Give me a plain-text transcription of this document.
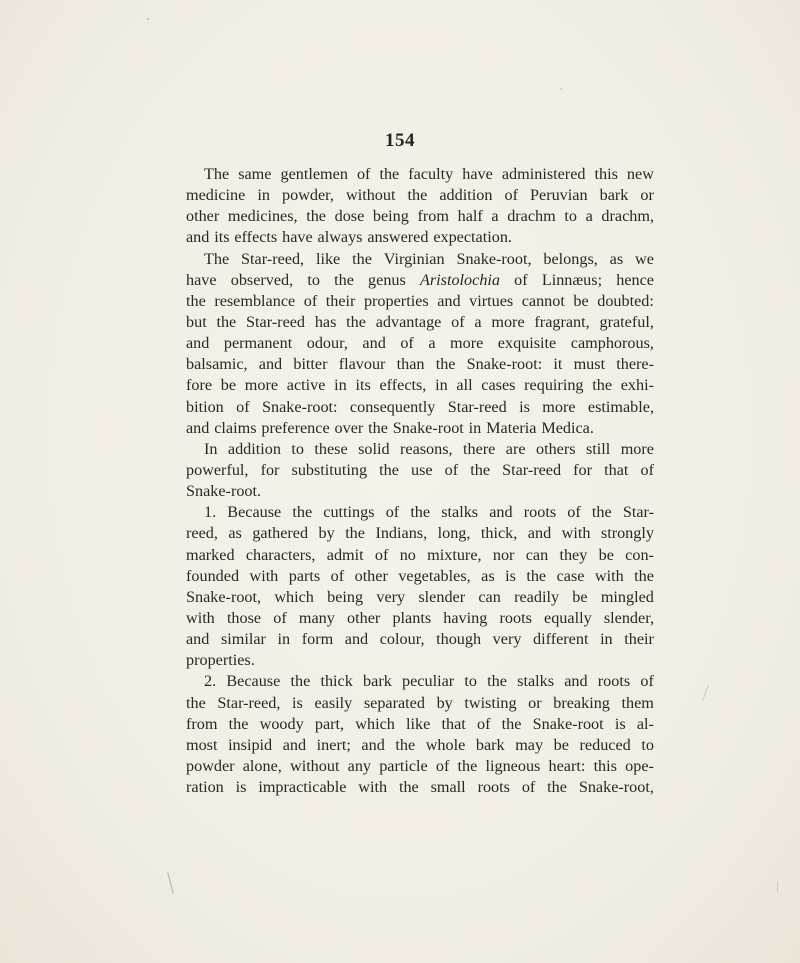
154
The same gentlemen of the faculty have administered this new
medicine in powder, without the addition of Peruvian bark or
other medicines, the dose being from half a drachm to a drachm,
and its effects have always answered expectation.
The Star-reed, like the Virginian Snake-root, belongs, as we
have observed, to the genus Aristolochia of Linnæus; hence
the resemblance of their properties and virtues cannot be doubted:
but the Star-reed has the advantage of a more fragrant, grateful,
and permanent odour, and of a more exquisite camphorous,
balsamic, and bitter flavour than the Snake-root: it must there-
fore be more active in its effects, in all cases requiring the exhi-
bition of Snake-root: consequently Star-reed is more estimable,
and claims preference over the Snake-root in Materia Medica.
In addition to these solid reasons, there are others still more
powerful, for substituting the use of the Star-reed for that of
Snake-root.
1. Because the cuttings of the stalks and roots of the Star-
reed, as gathered by the Indians, long, thick, and with strongly
marked characters, admit of no mixture, nor can they be con-
founded with parts of other vegetables, as is the case with the
Snake-root, which being very slender can readily be mingled
with those of many other plants having roots equally slender,
and similar in form and colour, though very different in their
properties.
2. Because the thick bark peculiar to the stalks and roots of
the Star-reed, is easily separated by twisting or breaking them
from the woody part, which like that of the Snake-root is al-
most insipid and inert; and the whole bark may be reduced to
powder alone, without any particle of the ligneous heart: this ope-
ration is impracticable with the small roots of the Snake-root,
